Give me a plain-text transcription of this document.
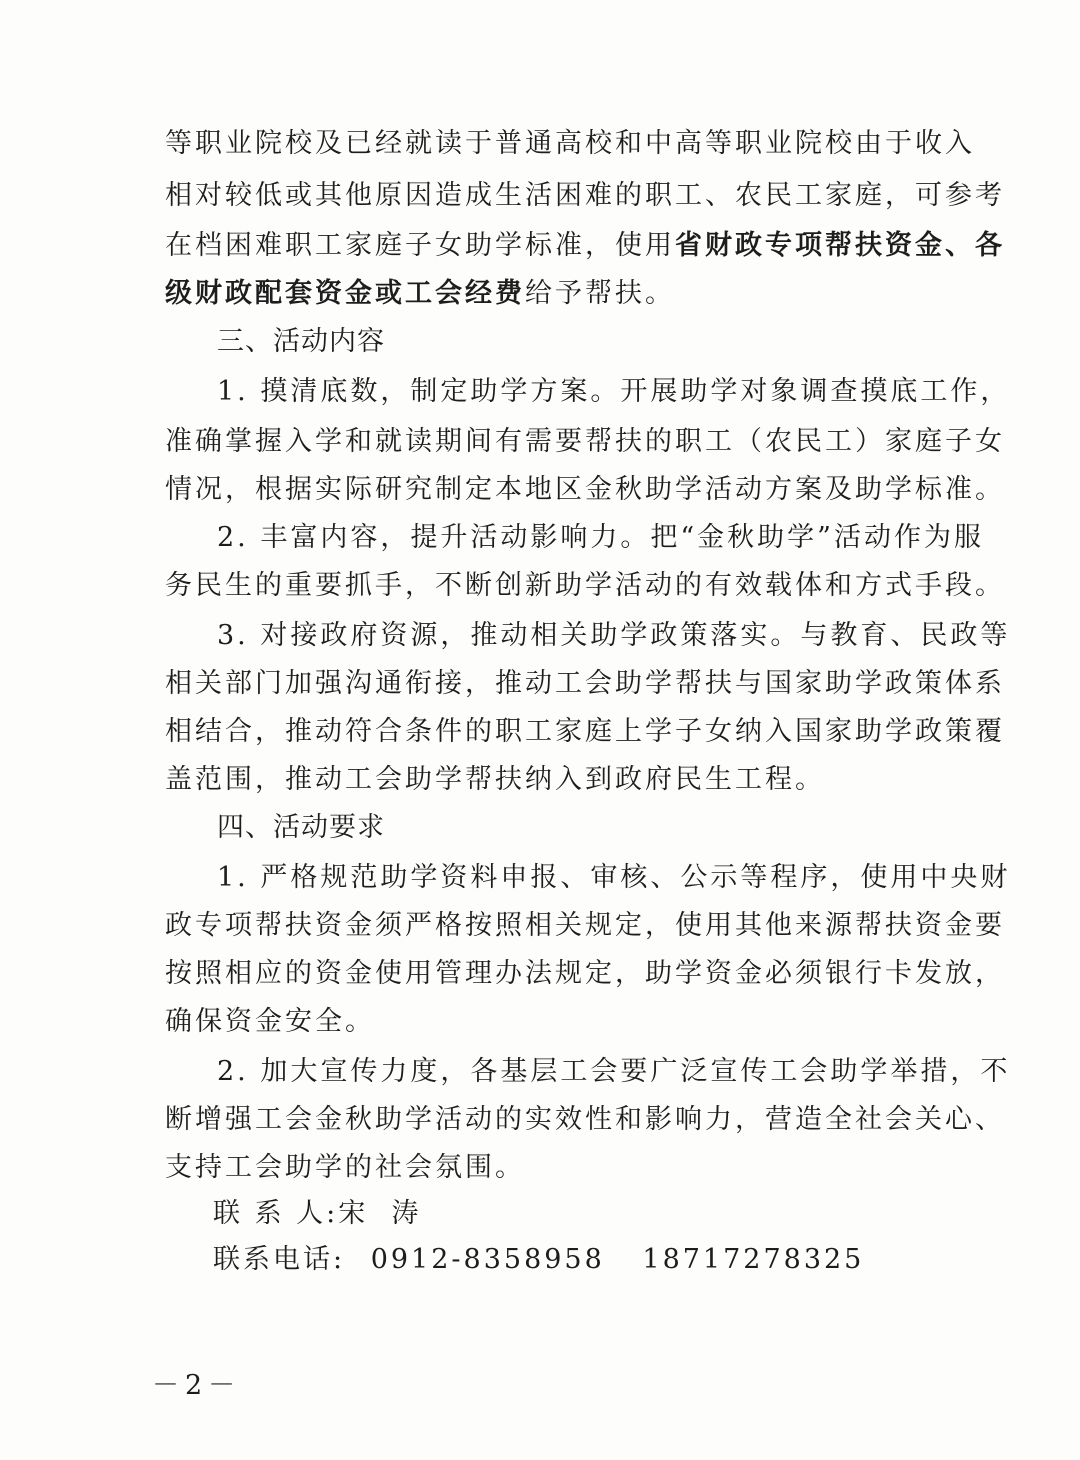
等职业院校及已经就读于普通高校和中高等职业院校由于收入
相对较低或其他原因造成生活困难的职工、农民工家庭，可参考
在档困难职工家庭子女助学标准，使用省财政专项帮扶资金、各
级财政配套资金或工会经费给予帮扶。
三、活动内容
1. 摸清底数，制定助学方案。开展助学对象调查摸底工作，
准确掌握入学和就读期间有需要帮扶的职工（农民工）家庭子女
情况，根据实际研究制定本地区金秋助学活动方案及助学标准。
2. 丰富内容，提升活动影响力。把“金秋助学”活动作为服
务民生的重要抓手，不断创新助学活动的有效载体和方式手段。
3. 对接政府资源，推动相关助学政策落实。与教育、民政等
相关部门加强沟通衔接，推动工会助学帮扶与国家助学政策体系
相结合，推动符合条件的职工家庭上学子女纳入国家助学政策覆
盖范围，推动工会助学帮扶纳入到政府民生工程。
四、活动要求
1. 严格规范助学资料申报、审核、公示等程序，使用中央财
政专项帮扶资金须严格按照相关规定，使用其他来源帮扶资金要
按照相应的资金使用管理办法规定，助学资金必须银行卡发放，
确保资金安全。
2. 加大宣传力度，各基层工会要广泛宣传工会助学举措，不
断增强工会金秋助学活动的实效性和影响力，营造全社会关心、
支持工会助学的社会氛围。
联 系 人:宋  涛
联系电话: 0912-8358958 18717278325
－2－
